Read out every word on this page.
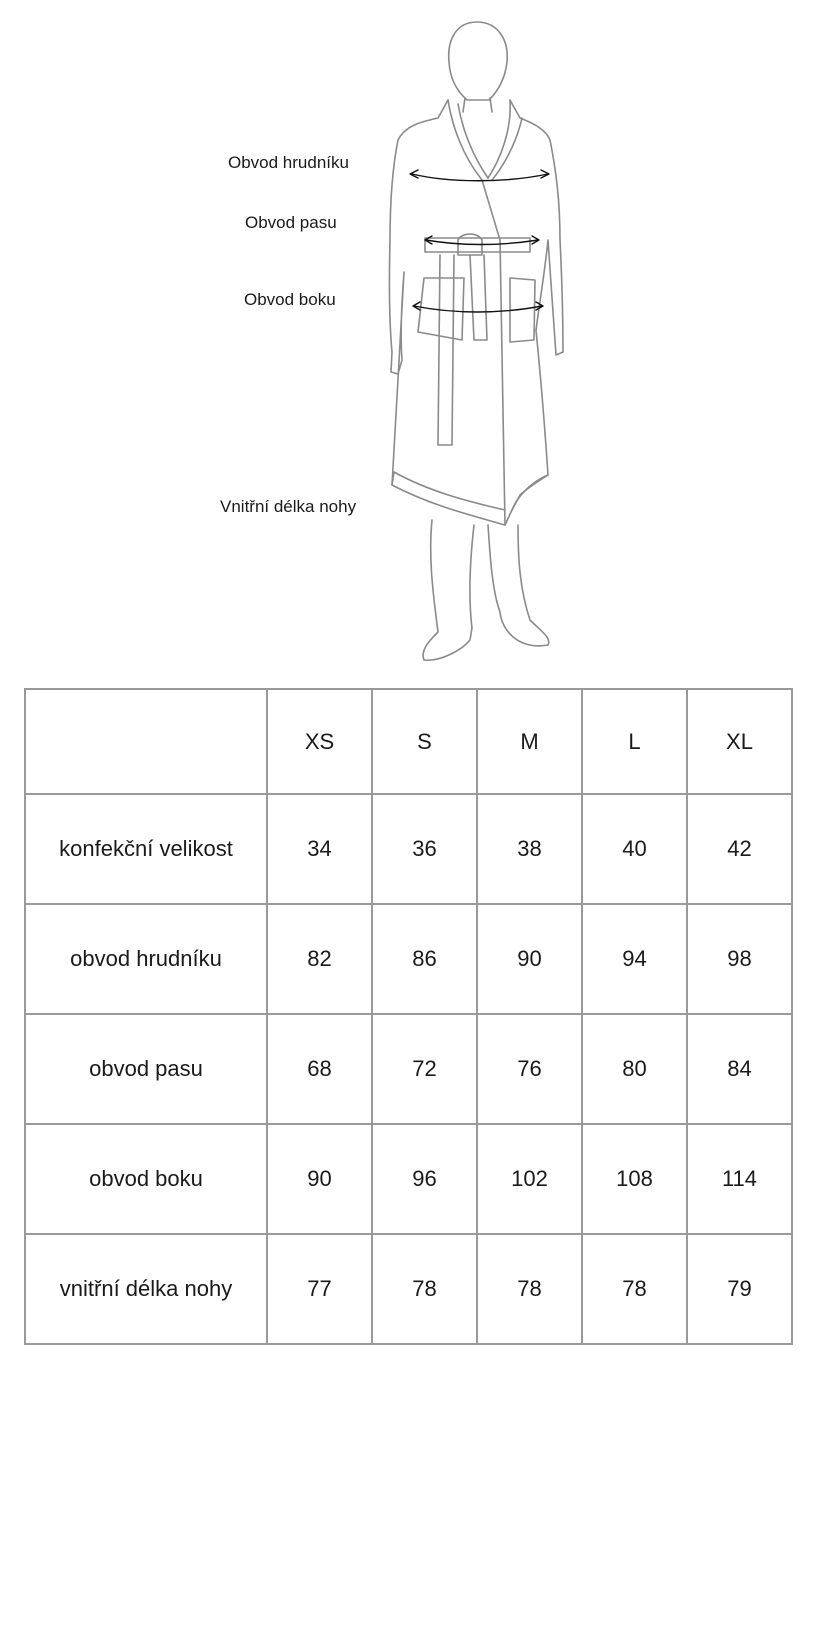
Obvod hrudníku
Obvod pasu
Obvod boku
Vnitřní délka nohy
	XS	S	M	L	XL
konfekční velikost	34	36	38	40	42
obvod hrudníku	82	86	90	94	98
obvod pasu	68	72	76	80	84
obvod boku	90	96	102	108	114
vnitřní délka nohy	77	78	78	78	79
